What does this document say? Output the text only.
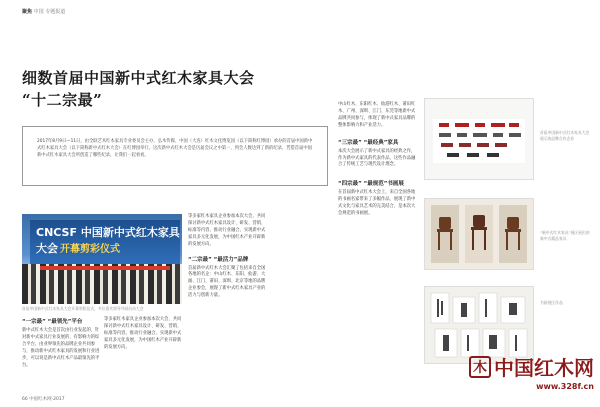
聚焦 中国 专题报道
细数首届中国新中式红木家具大会
“十二宗最”

2017年8月9日—11日，由全联艺术红木家具专业委员会主办，弘木传媒、中国（大连）红木文化博览园（以下简称红博园）承办的首届中国新中式红木家具大会（以下简称新中式红木大会）在红博园举行。这次新中式红木大会是历届会议之中第一，到会人数达到了新的纪录，凭借首届中国新中式红木家具大会所创造了哪些纪录，让我们一起看看。

CNCSF 中国新中式红木家具大会 开幕剪彩仪式
首届中国新中式红木家具大会开幕剪彩仪式，多位嘉宾领导共同启动大会
“一宗最” “最领先”平台

新中式红木大会是首次由行业发起的、针对新中式家具行业发展的、有影响力的综合平台，由业界领先的品牌企业共同参与，推动新中式红木家具的发展和行业进步，可以说是新中式红木产品最领先的平台。

等多家红木家具企业参加本次大会，共同探讨新中式红木家具设计、研发、营销、标准等内容，推动行业融合，实现新中式家具多元化发展，为中国红木产业开辟新的发展方向。

等多家红木家具企业参加本次大会，共同探讨新中式红木家具设计、研发、营销、标准等内容，推动行业融合，实现新中式家具多元化发展，为中国红木产业开辟新的发展方向。

“二宗最” “最活力”品牌

首届新中式红木大会汇聚了包括来自全国各地的名企：中山红木、东阳、仙游、大涌、江门、莆田、深圳、北京等地的品牌企业参会，展现了新中式红木家具产业的活力与创新力量。

中山红木、东阳红木、仙游红木、莆田红木、广州、深圳、江门、东莞等地新中式品牌共同参与，体现了新中式家具品牌的整体影响力和产业活力。

“三宗最” “最经典”家具

本次大会展示了新中式家具的经典之作，作为新中式家具的代表作品，这些作品融合了传统工艺与现代设计理念。

“四宗最” “最规范”书画展

在首届新中式红木大会上，来自全国各地的书画名家带来了多幅作品，展现了新中式文化与家具艺术的完美结合，是本次大会规范的书画展。

首届中国新中式红木家具大会展示的品牌合作企业
“新中式红木家具”展区展出的新中式精品家具
书画展区作品
木 中国红木网
www.328f.cn
66 中国红木网·2017
